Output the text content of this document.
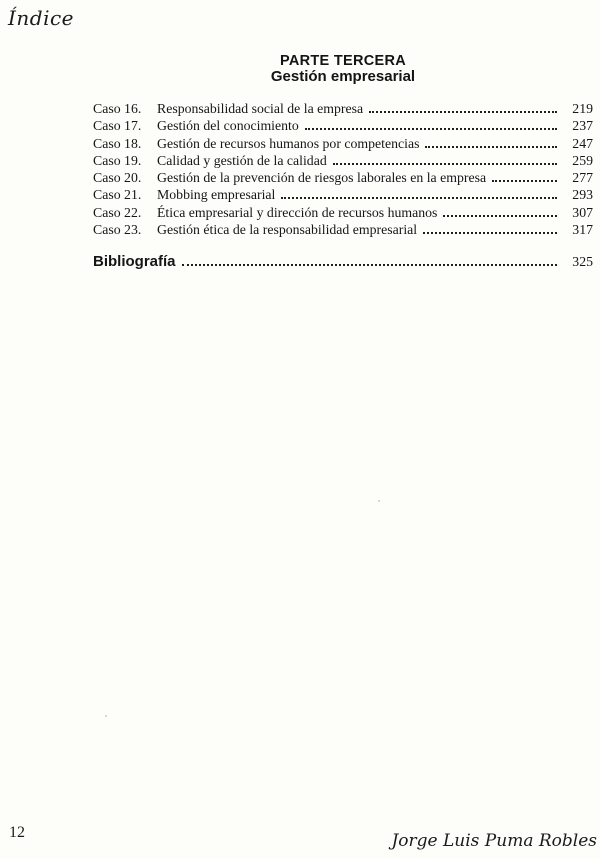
Índice
PARTE TERCERA
Gestión empresarial
Caso 16.	Responsabilidad social de la empresa	219
Caso 17.	Gestión del conocimiento	237
Caso 18.	Gestión de recursos humanos por competencias	247
Caso 19.	Calidad y gestión de la calidad	259
Caso 20.	Gestión de la prevención de riesgos laborales en la empresa	277
Caso 21.	Mobbing empresarial	293
Caso 22.	Ética empresarial y dirección de recursos humanos	307
Caso 23.	Gestión ética de la responsabilidad empresarial	317
Bibliografía	325
12	Jorge Luis Puma Robles
